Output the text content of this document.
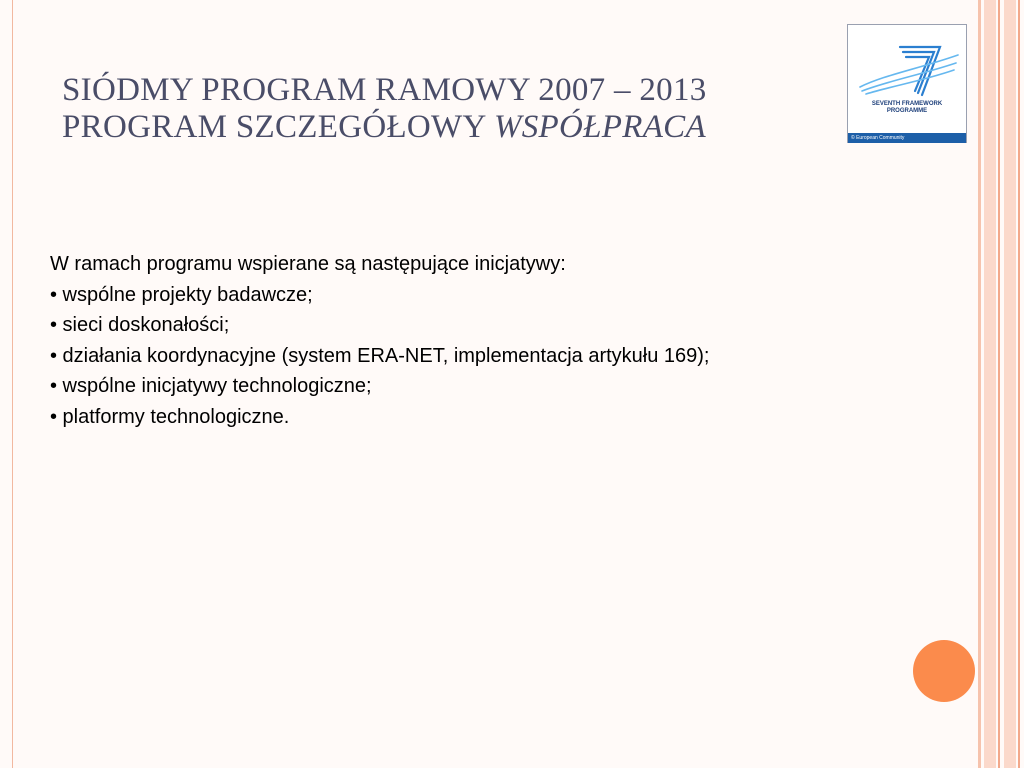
SIÓDMY PROGRAM RAMOWY 2007 – 2013
PROGRAM SZCZEGÓŁOWY WSPÓŁPRACA
SEVENTH FRAMEWORK
PROGRAMME
© European Community
W ramach programu wspierane są następujące inicjatywy:
• wspólne projekty badawcze;
• sieci doskonałości;
• działania koordynacyjne (system ERA-NET, implementacja artykułu 169);
• wspólne inicjatywy technologiczne;
• platformy technologiczne.
